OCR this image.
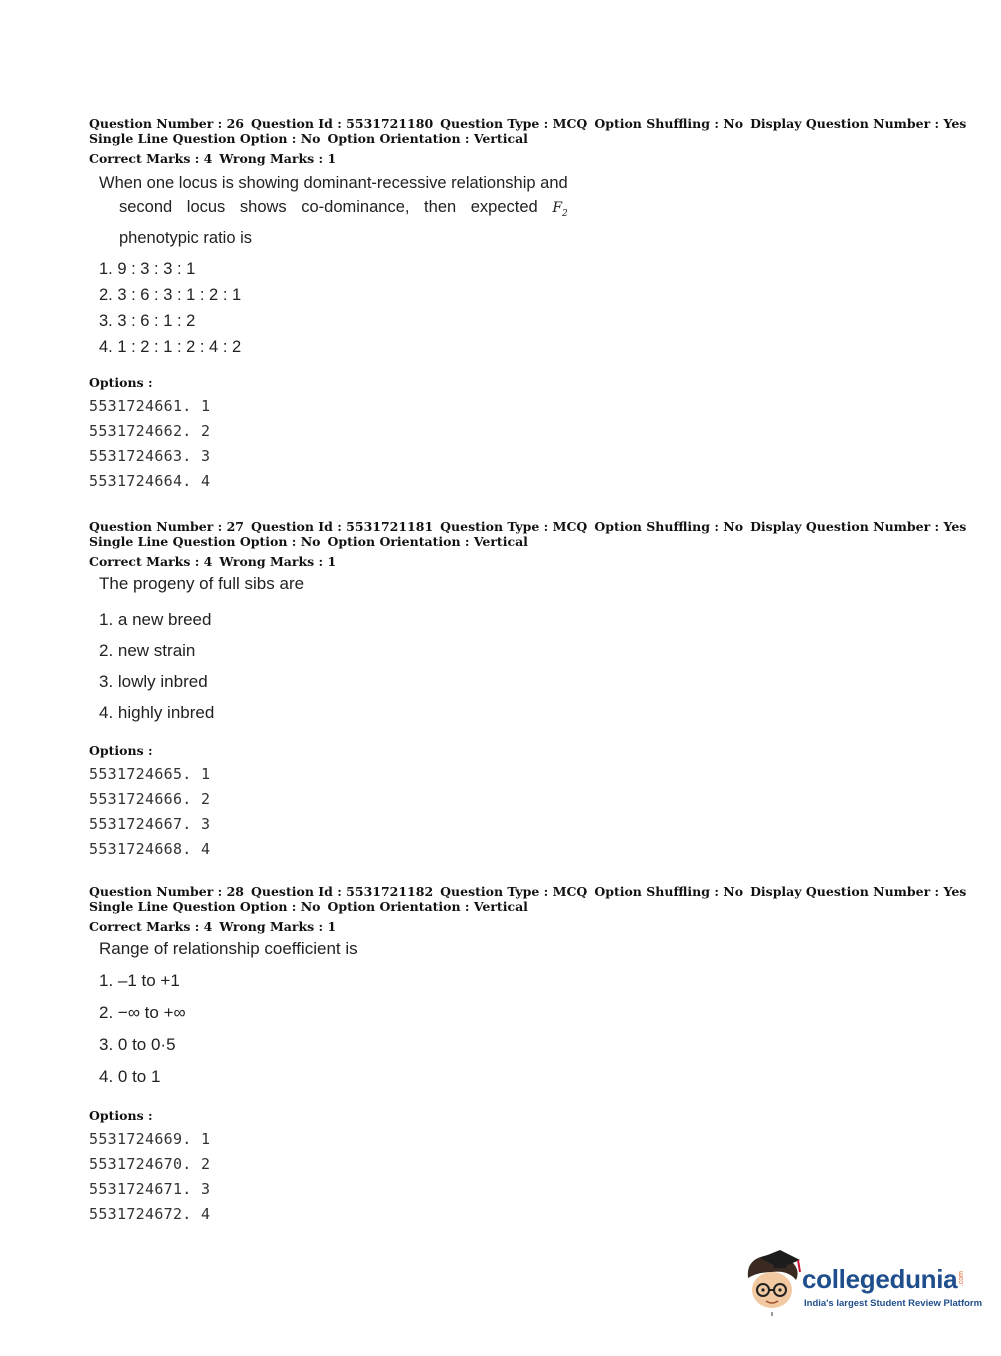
Question Number : 26 Question Id : 5531721180 Question Type : MCQ Option Shuffling : No Display Question Number : Yes
Single Line Question Option : No Option Orientation : Vertical
Correct Marks : 4 Wrong Marks : 1
When one locus is showing dominant-recessive relationship and
second locus shows co-dominance, then expected $F_2$
phenotypic ratio is
1. 9 : 3 : 3 : 1
2. 3 : 6 : 3 : 1 : 2 : 1
3. 3 : 6 : 1 : 2
4. 1 : 2 : 1 : 2 : 4 : 2
Options :
5531724661. 1
5531724662. 2
5531724663. 3
5531724664. 4
Question Number : 27 Question Id : 5531721181 Question Type : MCQ Option Shuffling : No Display Question Number : Yes
Single Line Question Option : No Option Orientation : Vertical
Correct Marks : 4 Wrong Marks : 1
The progeny of full sibs are
1. a new breed
2. new strain
3. lowly inbred
4. highly inbred
Options :
5531724665. 1
5531724666. 2
5531724667. 3
5531724668. 4
Question Number : 28 Question Id : 5531721182 Question Type : MCQ Option Shuffling : No Display Question Number : Yes
Single Line Question Option : No Option Orientation : Vertical
Correct Marks : 4 Wrong Marks : 1
Range of relationship coefficient is
1. –1 to +1
2. −∞ to +∞
3. 0 to 0·5
4. 0 to 1
Options :
5531724669. 1
5531724670. 2
5531724671. 3
5531724672. 4
collegedunia .com
India's largest Student Review Platform
